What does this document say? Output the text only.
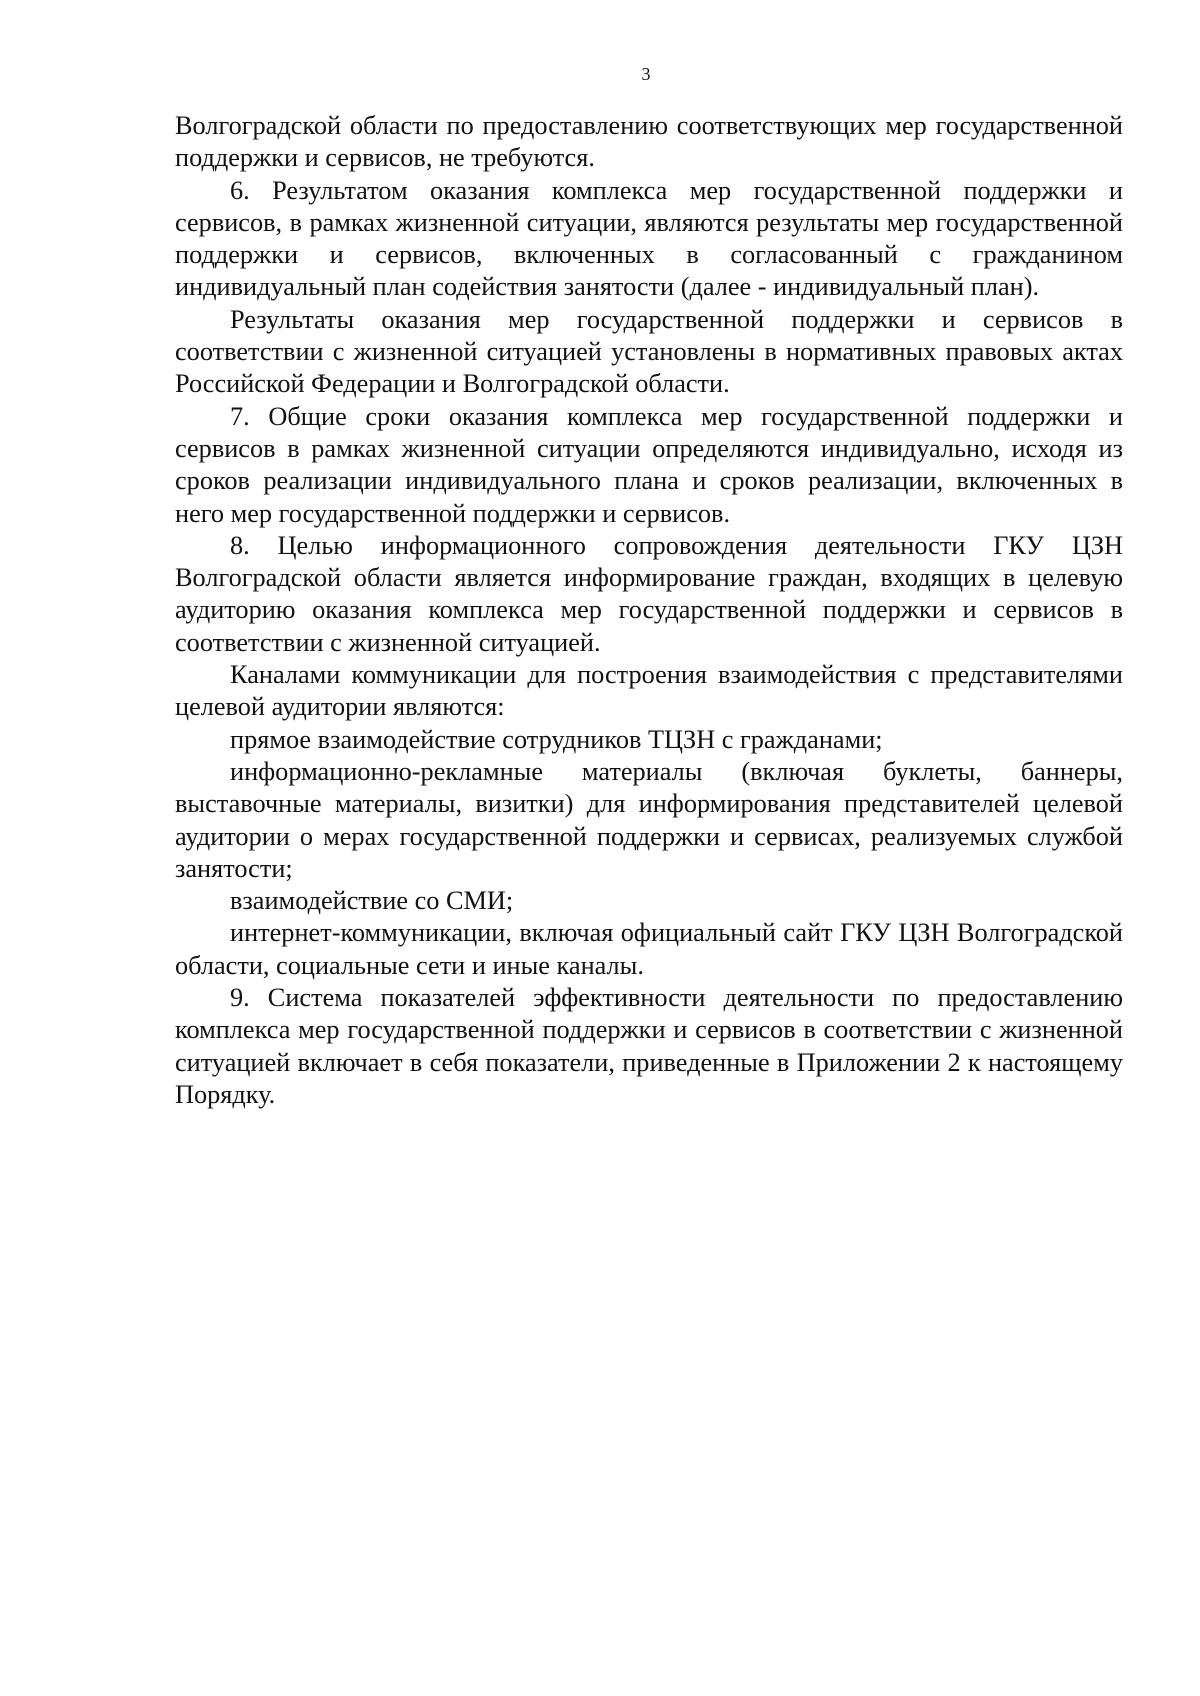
3

Волгоградской области по предоставлению соответствующих мер государственной поддержки и сервисов, не требуются.

6. Результатом оказания комплекса мер государственной поддержки и сервисов, в рамках жизненной ситуации, являются результаты мер государственной поддержки и сервисов, включенных в согласованный с гражданином индивидуальный план содействия занятости (далее - индивидуальный план).

Результаты оказания мер государственной поддержки и сервисов в соответствии с жизненной ситуацией установлены в нормативных правовых актах Российской Федерации и Волгоградской области.

7. Общие сроки оказания комплекса мер государственной поддержки и сервисов в рамках жизненной ситуации определяются индивидуально, исходя из сроков реализации индивидуального плана и сроков реализации, включенных в него мер государственной поддержки и сервисов.

8. Целью информационного сопровождения деятельности ГКУ ЦЗН Волгоградской области является информирование граждан, входящих в целевую аудиторию оказания комплекса мер государственной поддержки и сервисов в соответствии с жизненной ситуацией.

Каналами коммуникации для построения взаимодействия с представителями целевой аудитории являются:

прямое взаимодействие сотрудников ТЦЗН с гражданами;

информационно-рекламные материалы (включая буклеты, баннеры, выставочные материалы, визитки) для информирования представителей целевой аудитории о мерах государственной поддержки и сервисах, реализуемых службой занятости;

взаимодействие со СМИ;

интернет-коммуникации, включая официальный сайт ГКУ ЦЗН Волгоградской области, социальные сети и иные каналы.

9. Система показателей эффективности деятельности по предоставлению комплекса мер государственной поддержки и сервисов в соответствии с жизненной ситуацией включает в себя показатели, приведенные в Приложении 2 к настоящему Порядку.
